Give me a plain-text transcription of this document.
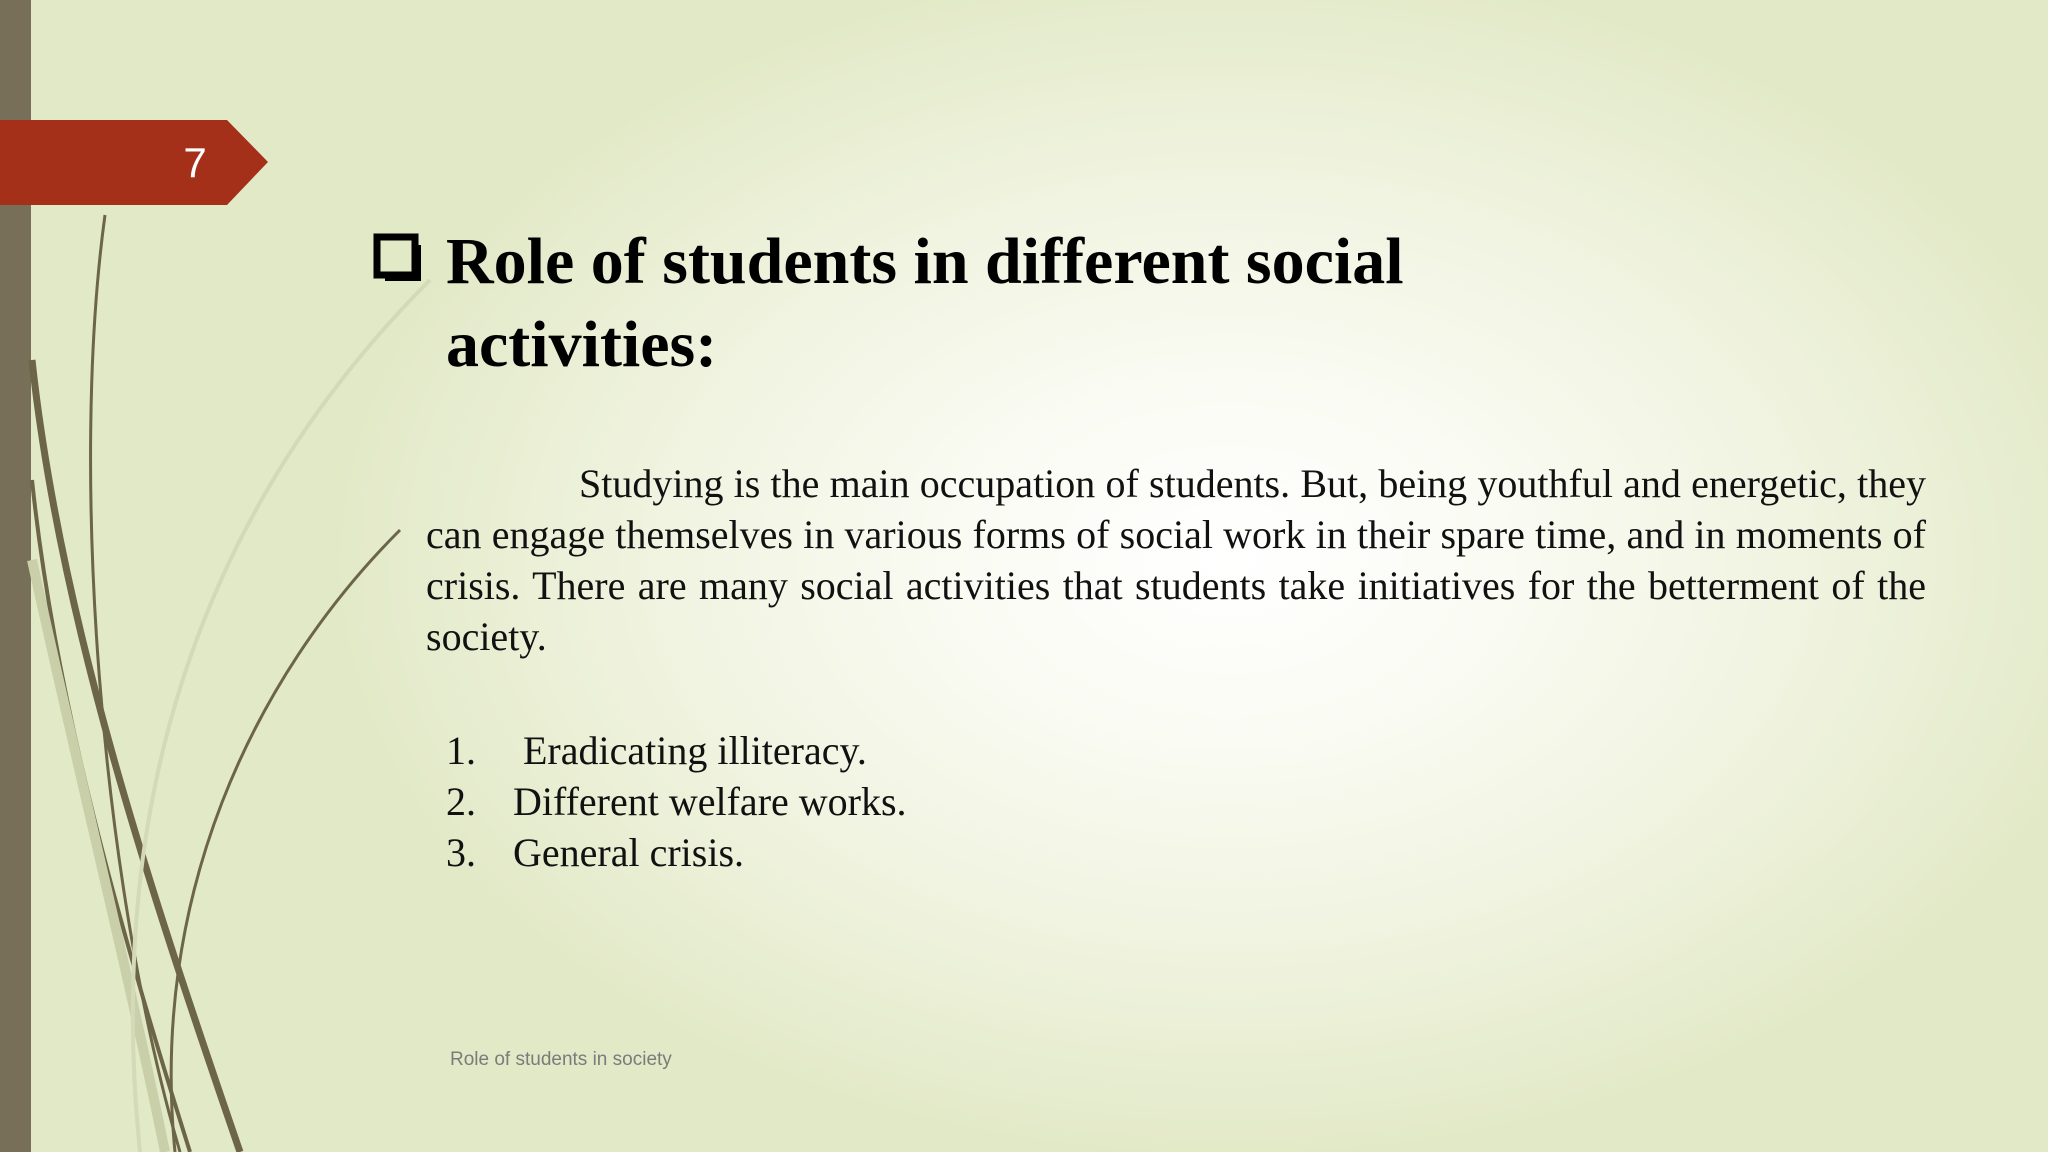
7
Role of students in different social activities:

Studying is the main occupation of students. But, being youthful and energetic, they can engage themselves in various forms of social work in their spare time, and in moments of crisis. There are many social activities that students take initiatives for the betterment of the society.

1. Eradicating illiteracy.
2. Different welfare works.
3. General crisis.
Role of students in society
